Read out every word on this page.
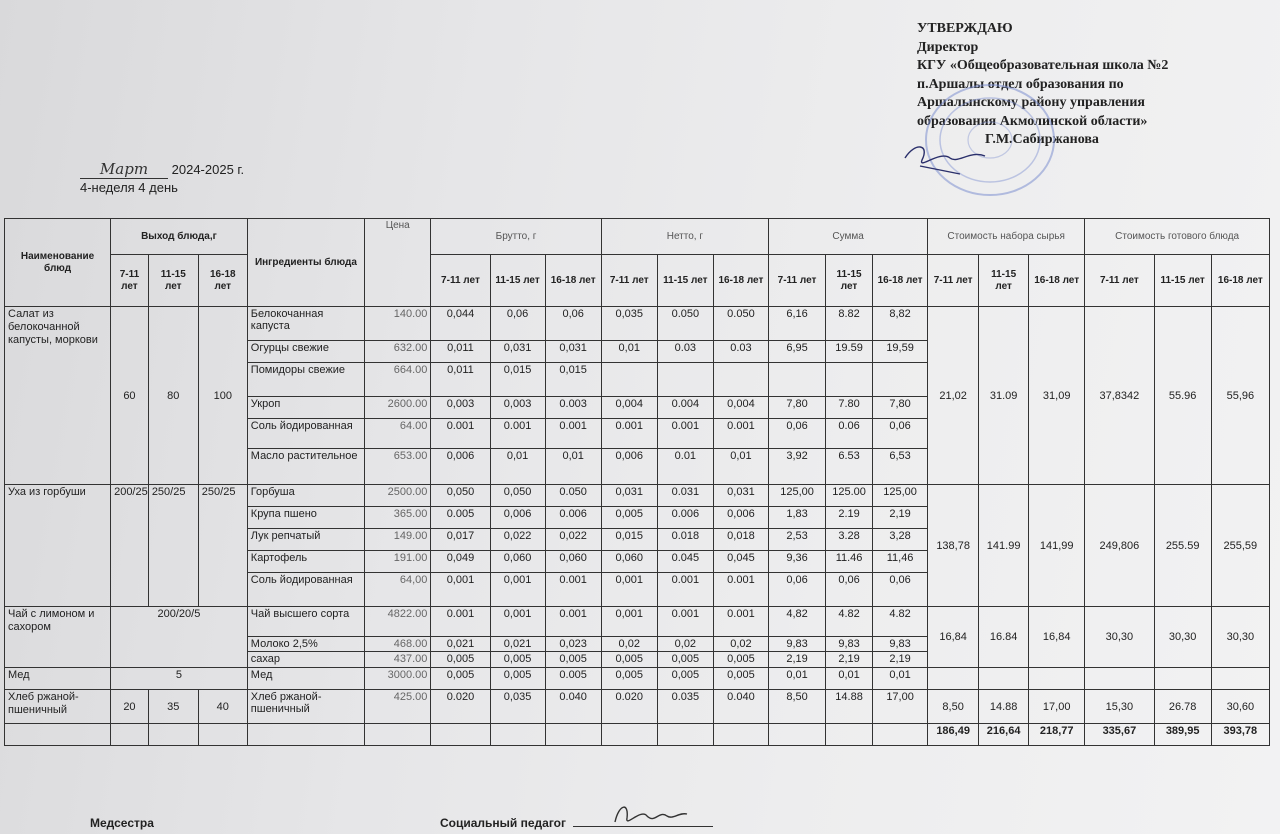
УТВЕРЖДАЮ
Директор
КГУ «Общеобразовательная школа №2
п.Аршалы отдел образования по
Аршалынскому району управления
образования Акмолинской области»
Г.М.Сабиржанова
Март 2024-2025 г.
4-неделя 4 день
Наименование блюд	Выход блюда,г			Ингредиенты блюда	Цена	Брутто, г			Нетто, г			Сумма			Стоимость набора сырья			Стоимость готового блюда		
	7-11 лет	11-15 лет	16-18 лет			7-11 лет	11-15 лет	16-18 лет	7-11 лет	11-15 лет	16-18 лет	7-11 лет	11-15 лет	16-18 лет	7-11 лет	11-15 лет	16-18 лет	7-11 лет	11-15 лет	16-18 лет
Салат из белокочанной капусты, моркови	60	80	100	Белокочанная капуста	140.00	0,044	0,06	0,06	0,035	0.050	0.050	6,16	8.82	8,82	21,02	31.09	31,09	37,8342	55.96	55,96
				Огурцы свежие	632.00	0,011	0,031	0,031	0,01	0.03	0.03	6,95	19.59	19,59						
				Помидоры свежие	664.00	0,011	0,015	0,015												
				Укроп	2600.00	0,003	0,003	0.003	0,004	0.004	0,004	7,80	7.80	7,80						
				Соль йодированная	64.00	0.001	0.001	0.001	0.001	0.001	0.001	0,06	0.06	0,06						
				Масло растительное	653.00	0,006	0,01	0,01	0,006	0.01	0,01	3,92	6.53	6,53						
Уха из горбуши	200/25	250/25	250/25	Горбуша	2500.00	0,050	0,050	0.050	0,031	0.031	0,031	125,00	125.00	125,00	138,78	141.99	141,99	249,806	255.59	255,59
				Крупа пшено	365.00	0.005	0,006	0.006	0,005	0.006	0,006	1,83	2.19	2,19						
				Лук репчатый	149.00	0,017	0,022	0,022	0,015	0.018	0,018	2,53	3.28	3,28						
				Картофель	191.00	0,049	0,060	0,060	0,060	0.045	0,045	9,36	11.46	11,46						
				Соль йодированная	64,00	0,001	0,001	0.001	0,001	0.001	0.001	0,06	0,06	0,06						
Чай с лимоном и сахором	200/20/5			Чай высшего сорта	4822.00	0.001	0,001	0.001	0,001	0.001	0.001	4,82	4.82	4.82	16,84	16.84	16,84	30,30	30,30	30,30
				Молоко 2,5%	468.00	0,021	0,021	0,023	0,02	0,02	0,02	9,83	9,83	9,83						
				сахар	437.00	0,005	0,005	0,005	0,005	0,005	0,005	2,19	2,19	2,19						
Мед	5			Мед	3000.00	0,005	0,005	0.005	0,005	0,005	0,005	0,01	0,01	0,01						
Хлеб ржаной-пшеничный	20	35	40	Хлеб ржаной-пшеничный	425.00	0.020	0,035	0.040	0.020	0.035	0.040	8,50	14.88	17,00	8,50	14.88	17,00	15,30	26.78	30,60
															186,49	216,64	218,77	335,67	389,95	393,78
Медсестра	Социальный педагог
